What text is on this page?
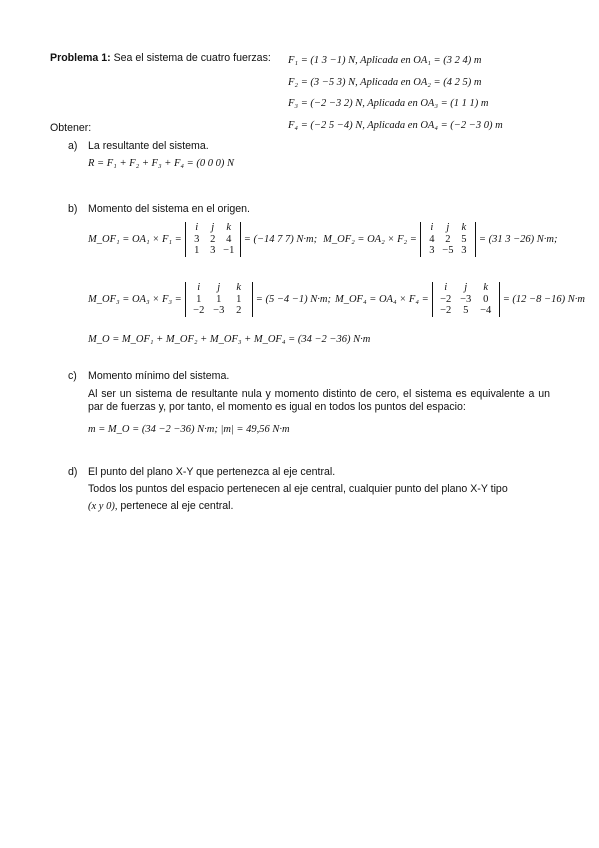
Problema 1: Sea el sistema de cuatro fuerzas:	F₁ = (1 3 −1) N, Aplicada en OA₁ = (3 2 4) m
F₂ = (3 −5 3) N, Aplicada en OA₂ = (4 2 5) m
F₃ = (−2 −3 2) N, Aplicada en OA₃ = (1 1 1) m
F₄ = (−2 5 −4) N, Aplicada en OA₄ = (−2 −3 0) m
Obtener:
a) La resultante del sistema.
R = F₁ + F₂ + F₃ + F₄ = (0 0 0) N
b) Momento del sistema en el origen.
M_OF₁ = OA₁ × F₁ =
i	j	k
3	2	4
1	3 −1
= (−14 7 7) N·m; M_OF₂ = OA₂ × F₂ =
i	j	k
4	2	5
3 −5 3
= (31 3 −26) N·m;
M_OF₃ = OA₃ × F₃ =
i	j	k
1	1	1
−2 −3	2
= (5 −4 −1) N·m; M_OF₄ = OA₄ × F₄ =
i	j	k
−2 −3	0
−2	5	−4
= (12 −8 −16) N·m
M_O = M_OF₁ + M_OF₂ + M_OF₃ + M_OF₄ = (34 −2 −36) N·m
c) Momento mínimo del sistema.
Al ser un sistema de resultante nula y momento distinto de cero, el sistema es equivalente a un par de fuerzas y, por tanto, el momento es igual en todos los puntos del espacio:
m = M_O = (34 −2 −36) N·m; |m| = 49,56 N·m
d) El punto del plano X-Y que pertenezca al eje central.
Todos los puntos del espacio pertenecen al eje central, cualquier punto del plano X-Y tipo
(x y 0), pertenece al eje central.
